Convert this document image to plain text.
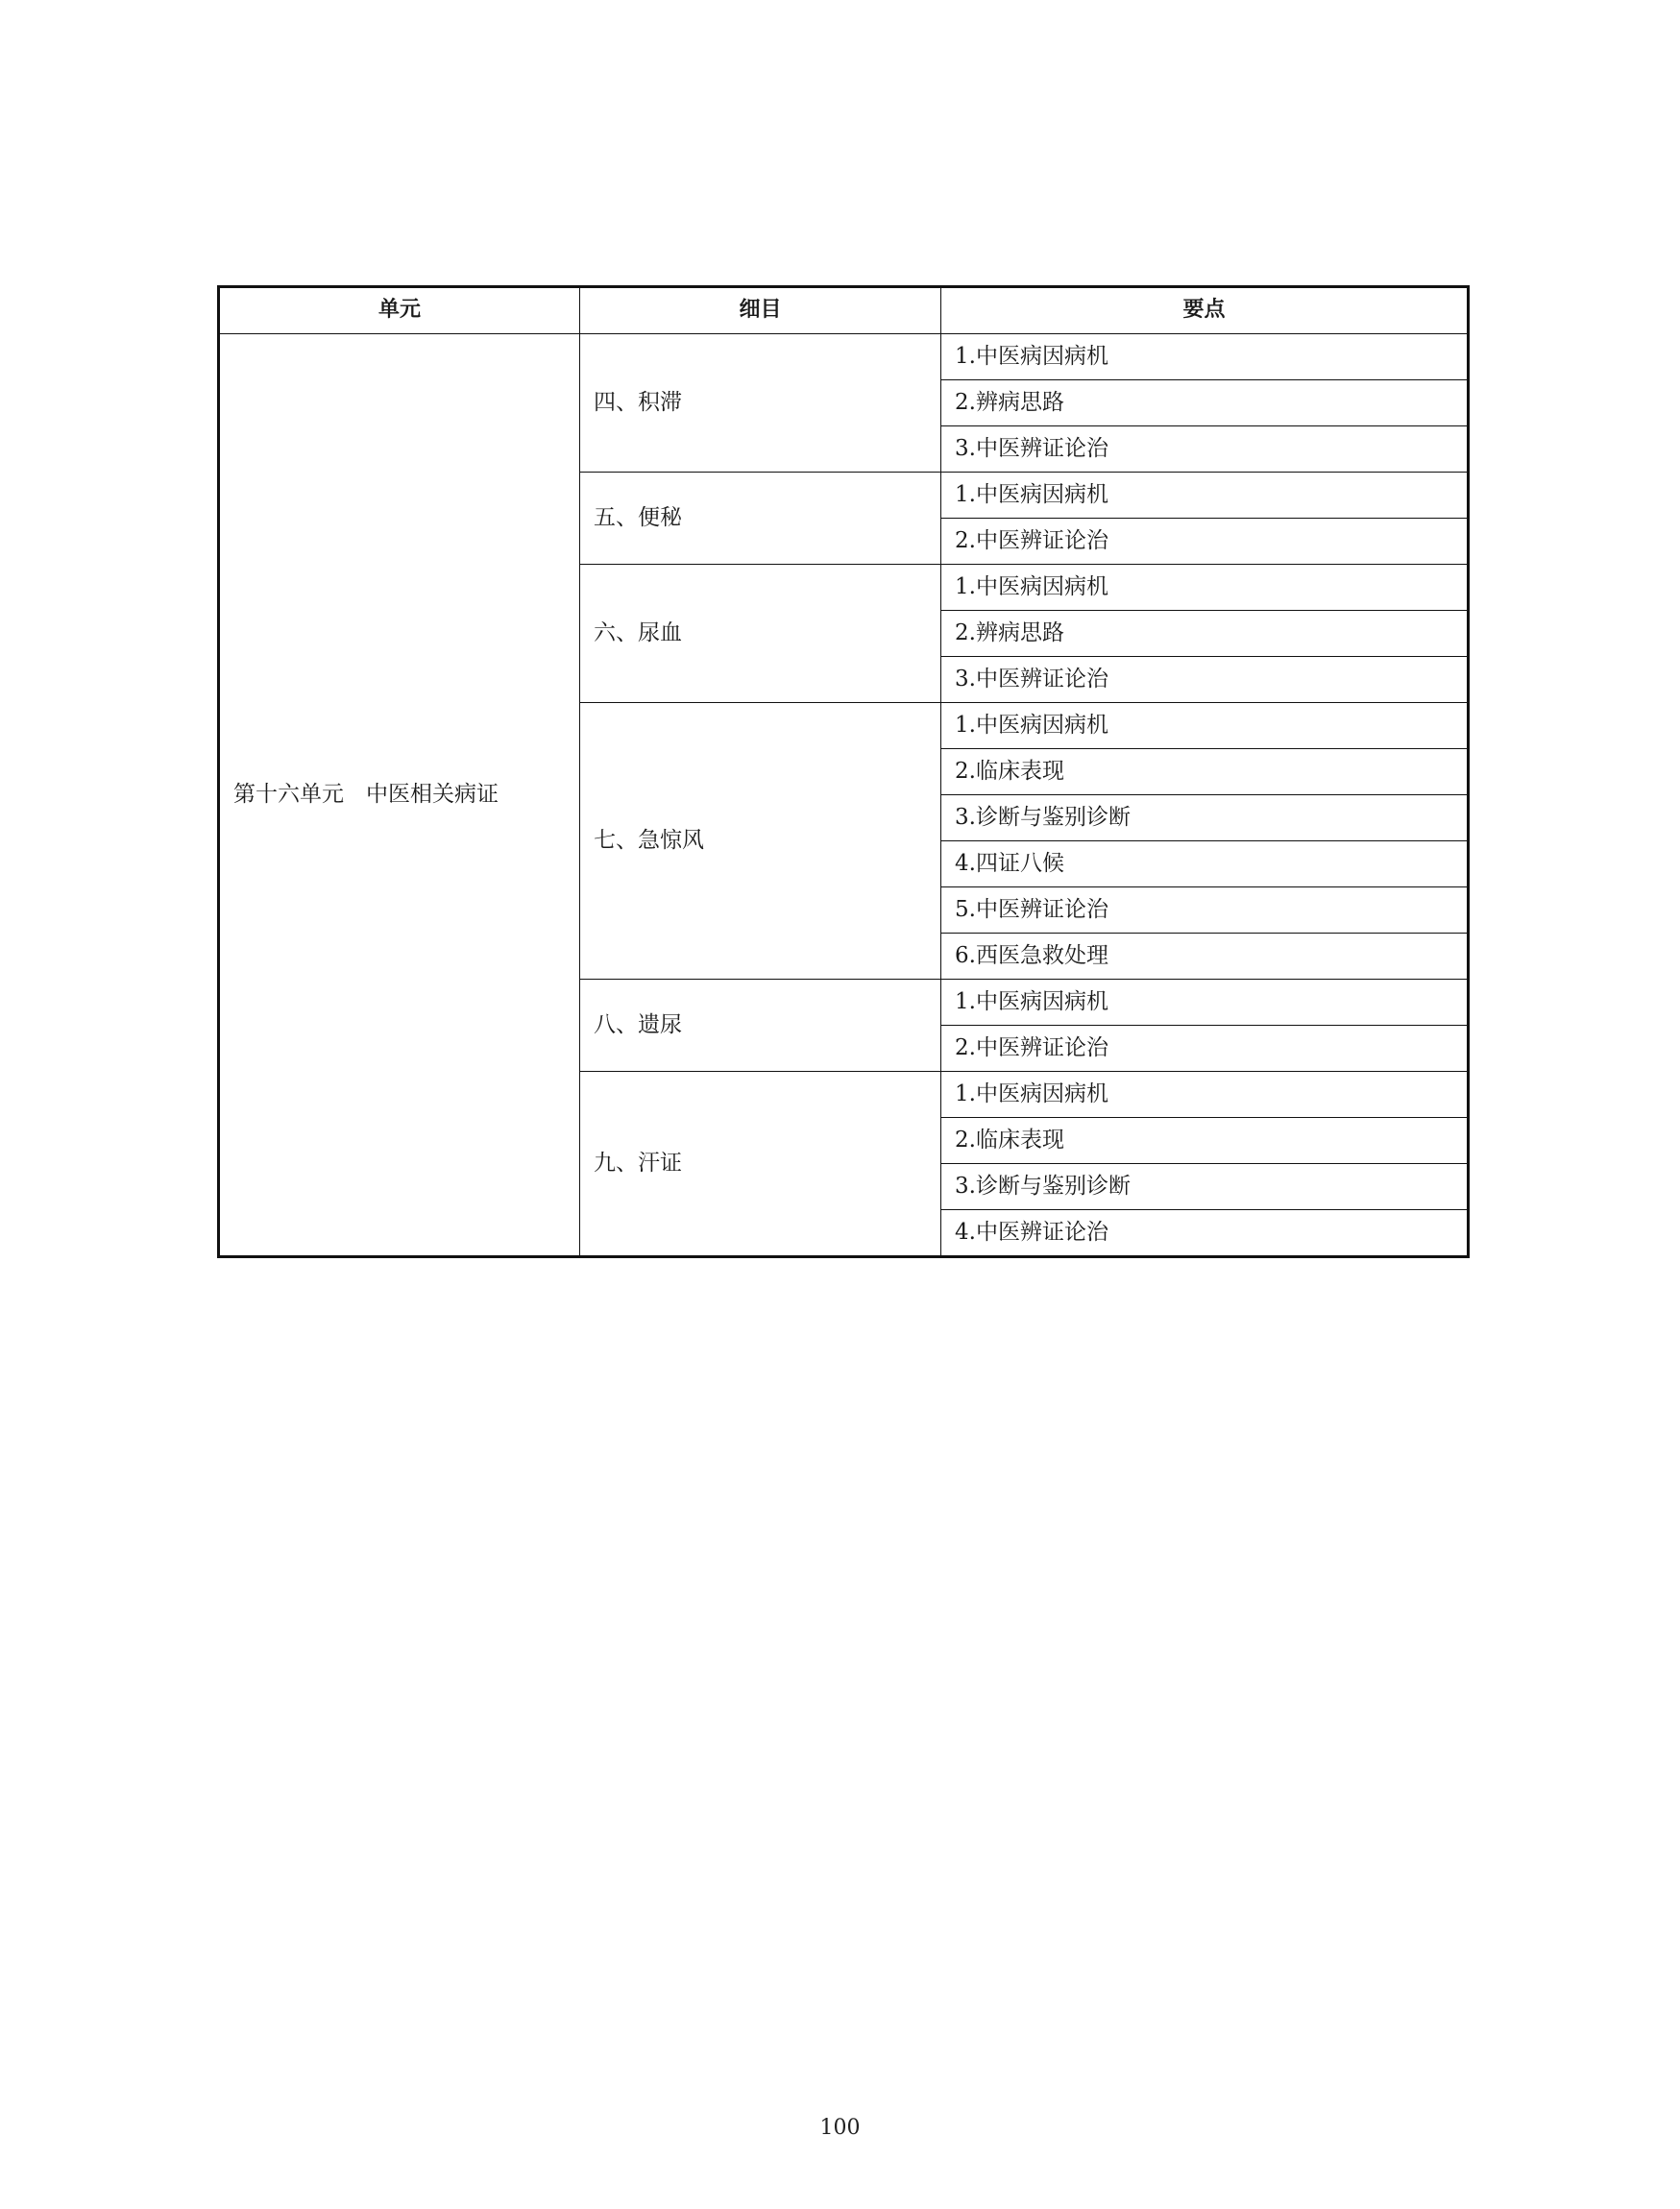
单元	细目	要点
第十六单元　中医相关病证	四、积滞	1.中医病因病机
		2.辨病思路
		3.中医辨证论治
	五、便秘	1.中医病因病机
		2.中医辨证论治
	六、尿血	1.中医病因病机
		2.辨病思路
		3.中医辨证论治
	七、急惊风	1.中医病因病机
		2.临床表现
		3.诊断与鉴别诊断
		4.四证八候
		5.中医辨证论治
		6.西医急救处理
	八、遗尿	1.中医病因病机
		2.中医辨证论治
	九、汗证	1.中医病因病机
		2.临床表现
		3.诊断与鉴别诊断
		4.中医辨证论治
100
